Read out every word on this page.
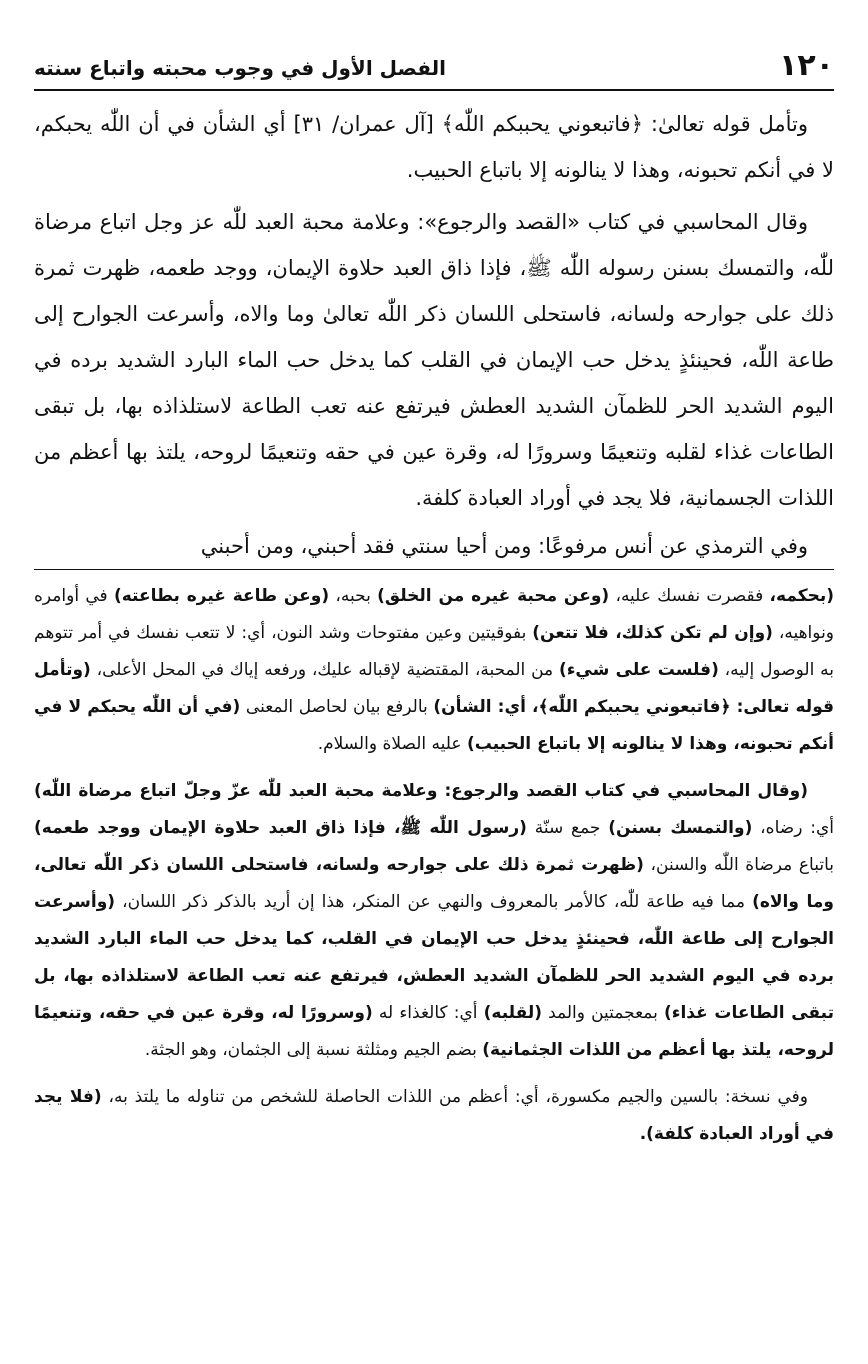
١٢٠
الفصل الأول في وجوب محبته واتباع سنته

وتأمل قوله تعالىٰ: ﴿فاتبعوني يحببكم اللّٰه﴾ [آل عمران/ ٣١] أي الشأن في أن اللّٰه يحبكم، لا في أنكم تحبونه، وهذا لا ينالونه إلا باتباع الحبيب.

وقال المحاسبي في كتاب «القصد والرجوع»: وعلامة محبة العبد للّٰه عز وجل اتباع مرضاة للّٰه، والتمسك بسنن رسوله اللّٰه ﷺ، فإذا ذاق العبد حلاوة الإيمان، ووجد طعمه، ظهرت ثمرة ذلك على جوارحه ولسانه، فاستحلى اللسان ذكر اللّٰه تعالىٰ وما والاه، وأسرعت الجوارح إلى طاعة اللّٰه، فحينئذٍ يدخل حب الإيمان في القلب كما يدخل حب الماء البارد الشديد برده في اليوم الشديد الحر للظمآن الشديد العطش فيرتفع عنه تعب الطاعة لاستلذاذه بها، بل تبقى الطاعات غذاء لقلبه وتنعيمًا وسرورًا له، وقرة عين في حقه وتنعيمًا لروحه، يلتذ بها أعظم من اللذات الجسمانية، فلا يجد في أوراد العبادة كلفة.

وفي الترمذي عن أنس مرفوعًا: ومن أحيا سنتي فقد أحبني، ومن أحبني

(بحكمه، فقصرت نفسك عليه، (وعن محبة غيره من الخلق) بحبه، (وعن طاعة غيره بطاعته) في أوامره ونواهيه، (وإن لم تكن كذلك، فلا تتعن) بفوقيتين وعين مفتوحات وشد النون، أي: لا تتعب نفسك في أمر تتوهم به الوصول إليه، (فلست على شيء) من المحبة، المقتضية لإقباله عليك، ورفعه إياك في المحل الأعلى، (وتأمل قوله تعالى: ﴿فاتبعوني يحببكم اللّٰه﴾، أي: الشأن) بالرفع بيان لحاصل المعنى (في أن اللّٰه يحبكم لا في أنكم تحبونه، وهذا لا ينالونه إلا باتباع الحبيب) عليه الصلاة والسلام.

(وقال المحاسبي في كتاب القصد والرجوع: وعلامة محبة العبد للّٰه عزّ وجلّ اتباع مرضاة اللّٰه) أي: رضاه، (والتمسك بسنن) جمع سنّة (رسول اللّٰه ﷺ، فإذا ذاق العبد حلاوة الإيمان ووجد طعمه) باتباع مرضاة اللّٰه والسنن، (ظهرت ثمرة ذلك على جوارحه ولسانه، فاستحلى اللسان ذكر اللّٰه تعالى، وما والاه) مما فيه طاعة للّٰه، كالأمر بالمعروف والنهي عن المنكر، هذا إن أريد بالذكر ذكر اللسان، (وأسرعت الجوارح إلى طاعة اللّٰه، فحينئذٍ يدخل حب الإيمان في القلب، كما يدخل حب الماء البارد الشديد برده في اليوم الشديد الحر للظمآن الشديد العطش، فيرتفع عنه تعب الطاعة لاستلذاذه بها، بل تبقى الطاعات غذاء) بمعجمتين والمد (لقلبه) أي: كالغذاء له (وسرورًا له، وقرة عين في حقه، وتنعيمًا لروحه، يلتذ بها أعظم من اللذات الجثمانية) بضم الجيم ومثلثة نسبة إلى الجثمان، وهو الجثة.

وفي نسخة: بالسين والجيم مكسورة، أي: أعظم من اللذات الحاصلة للشخص من تناوله ما يلتذ به، (فلا يجد في أوراد العبادة كلفة).
